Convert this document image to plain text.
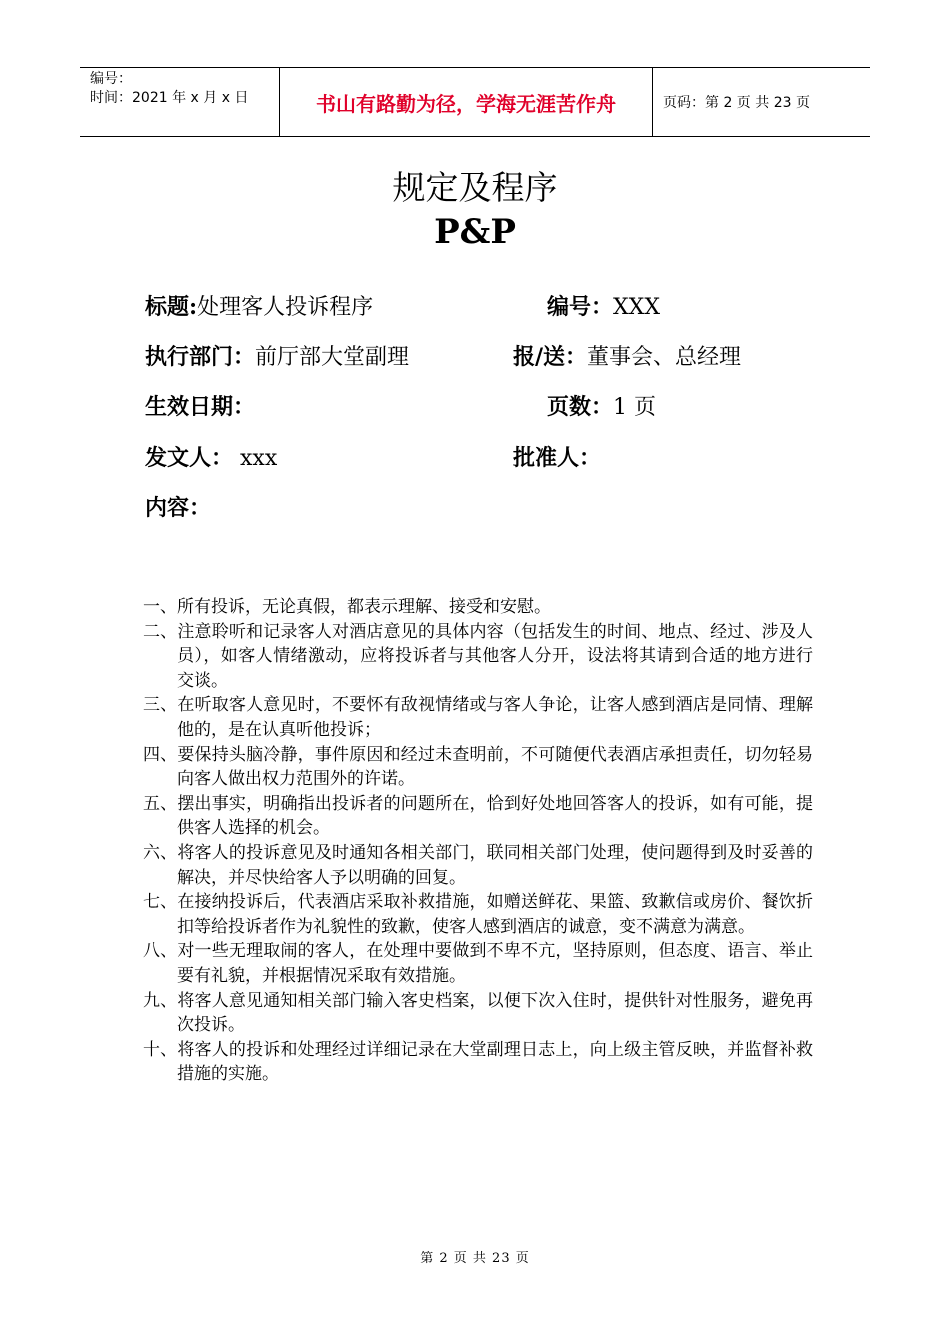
编号：
时间：2021 年 x 月 x 日	书山有路勤为径，学海无涯苦作舟	页码：第 2 页 共 23 页
规定及程序
P&P
标题:处理客人投诉程序	编号：XXX
执行部门：前厅部大堂副理	报/送：董事会、总经理
生效日期：	页数：1 页
发文人： xxx	批准人：
内容：

一、所有投诉，无论真假，都表示理解、接受和安慰。

二、注意聆听和记录客人对酒店意见的具体内容（包括发生的时间、地点、经过、涉及人员），如客人情绪激动，应将投诉者与其他客人分开，设法将其请到合适的地方进行交谈。

三、在听取客人意见时，不要怀有敌视情绪或与客人争论，让客人感到酒店是同情、理解他的，是在认真听他投诉；

四、要保持头脑冷静，事件原因和经过未查明前，不可随便代表酒店承担责任，切勿轻易向客人做出权力范围外的许诺。

五、摆出事实，明确指出投诉者的问题所在，恰到好处地回答客人的投诉，如有可能，提供客人选择的机会。

六、将客人的投诉意见及时通知各相关部门，联同相关部门处理，使问题得到及时妥善的解决，并尽快给客人予以明确的回复。

七、在接纳投诉后，代表酒店采取补救措施，如赠送鲜花、果篮、致歉信或房价、餐饮折扣等给投诉者作为礼貌性的致歉，使客人感到酒店的诚意，变不满意为满意。

八、对一些无理取闹的客人，在处理中要做到不卑不亢，坚持原则，但态度、语言、举止要有礼貌，并根据情况采取有效措施。

九、将客人意见通知相关部门输入客史档案，以便下次入住时，提供针对性服务，避免再次投诉。

十、将客人的投诉和处理经过详细记录在大堂副理日志上，向上级主管反映，并监督补救措施的实施。

第 2 页 共 23 页
